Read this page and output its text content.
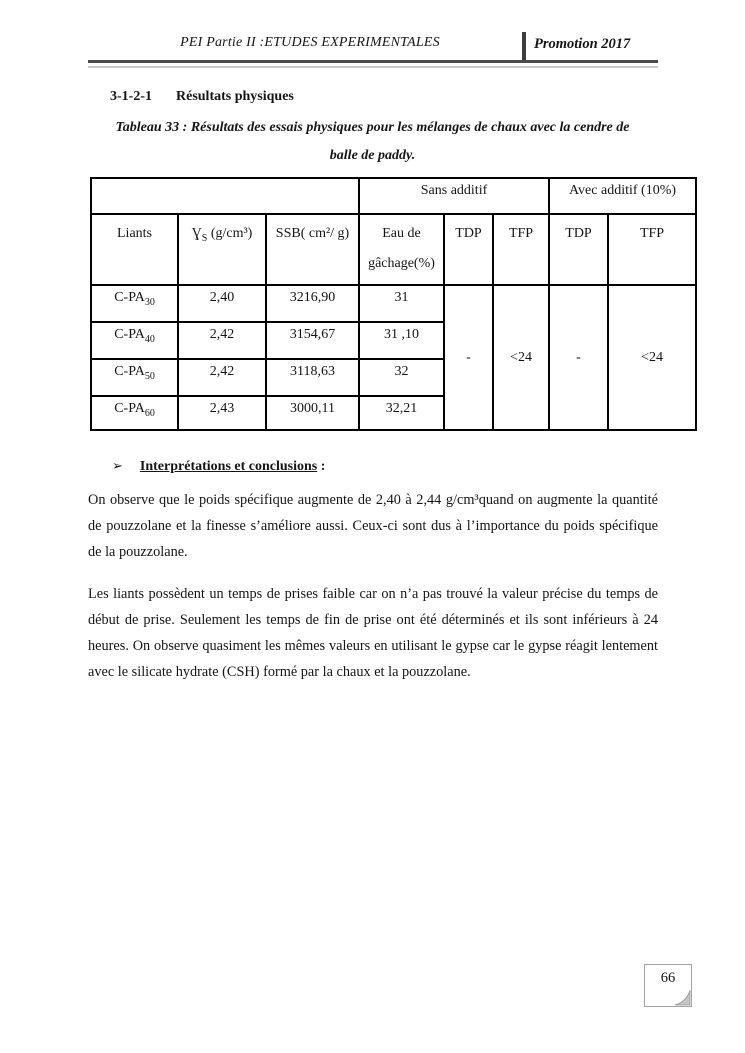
PEI Partie II :ETUDES EXPERIMENTALES	Promotion 2017
3-1-2-1 Résultats physiques
Tableau 33 : Résultats des essais physiques pour les mélanges de chaux avec la cendre de
balle de paddy.
			Sans additif			Avec additif (10%)	
Liants	$Ɣ_S$ (g/cm³)	SSB( cm²/ g)	Eau de gâchage(%)	TDP	TFP	TDP	TFP
$C-PA_{30}$	2,40	3216,90	31	-	<24	-	<24
$C-PA_{40}$	2,42	3154,67	31 ,10				
$C-PA_{50}$	2,42	3118,63	32				
$C-PA_{60}$	2,43	3000,11	32,21				
➢ Interprétations et conclusions :
On observe que le poids spécifique augmente de 2,40 à 2,44 g/cm³quand on augmente la quantité de pouzzolane et la finesse s’améliore aussi. Ceux-ci sont dus à l’importance du poids spécifique de la pouzzolane.
Les liants possèdent un temps de prises faible car on n’a pas trouvé la valeur précise du temps de début de prise. Seulement les temps de fin de prise ont été déterminés et ils sont inférieurs à 24 heures. On observe quasiment les mêmes valeurs en utilisant le gypse car le gypse réagit lentement avec le silicate hydrate (CSH) formé par la chaux et la pouzzolane.
66
